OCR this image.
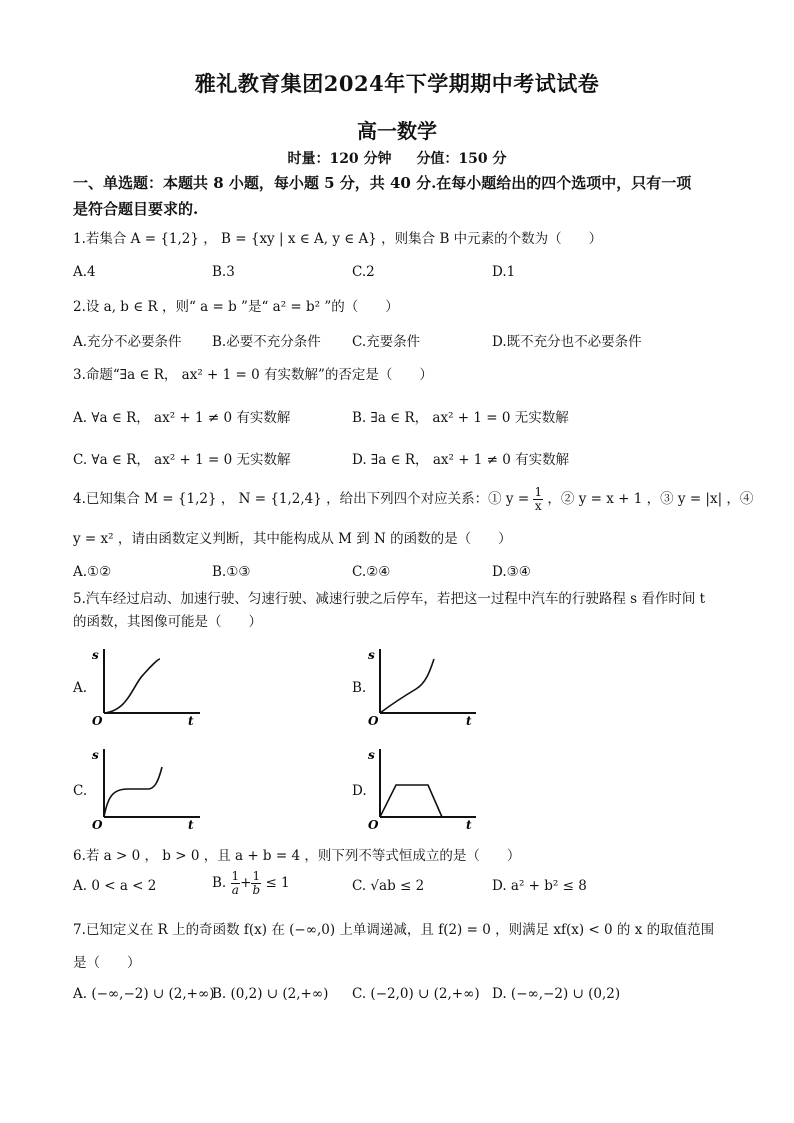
雅礼教育集团2024年下学期期中考试试卷
高一数学
时量：120 分钟 分值：150 分
一、单选题：本题共 8 小题，每小题 5 分，共 40 分.在每小题给出的四个选项中，只有一项
是符合题目要求的.
1.若集合 A = {1,2} ， B = {xy | x ∈ A, y ∈ A} ，则集合 B 中元素的个数为（　　）
A.4	B.3	C.2	D.1
2.设 a, b ∈ R ，则“ a = b ”是“ a² = b² ”的（　　）
A.充分不必要条件 B.必要不充分条件 C.充要条件	D.既不充分也不必要条件
3.命题“∃a ∈ R， ax² + 1 = 0 有实数解”的否定是（　　）
A. ∀a ∈ R， ax² + 1 ≠ 0 有实数解	B. ∃a ∈ R， ax² + 1 = 0 无实数解
C. ∀a ∈ R， ax² + 1 = 0 无实数解	D. ∃a ∈ R， ax² + 1 ≠ 0 有实数解
4.已知集合 M = {1,2} ， N = {1,2,4} ，给出下列四个对应关系：① $y = \frac{1}{x}$ ，② y = x + 1 ，③ y = |x| ，④
y = x² ，请由函数定义判断，其中能构成从 M 到 N 的函数的是（　　）
A.①②	B.①③	C.②④	D.③④
5.汽车经过启动、加速行驶、匀速行驶、减速行驶之后停车，若把这一过程中汽车的行驶路程 s 看作时间 t
的函数，其图像可能是（　　）
A.
s
t
O
B.
s
t
O
C.
s
t
O
D.
s
t
O
6.若 a > 0 ， b > 0 ，且 a + b = 4 ，则下列不等式恒成立的是（　　）
A. 0 < a < 2	B. $\frac{1}{a} + \frac{1}{b} \le 1$	C. √ab ≤ 2	D. a² + b² ≤ 8
7.已知定义在 R 上的奇函数 f(x) 在 (−∞,0) 上单调递减，且 f(2) = 0 ，则满足 xf(x) < 0 的 x 的取值范围
是（　　）
A. (−∞,−2) ∪ (2,+∞)
B. (0,2) ∪ (2,+∞) C. (−2,0) ∪ (2,+∞) D. (−∞,−2) ∪ (0,2)
